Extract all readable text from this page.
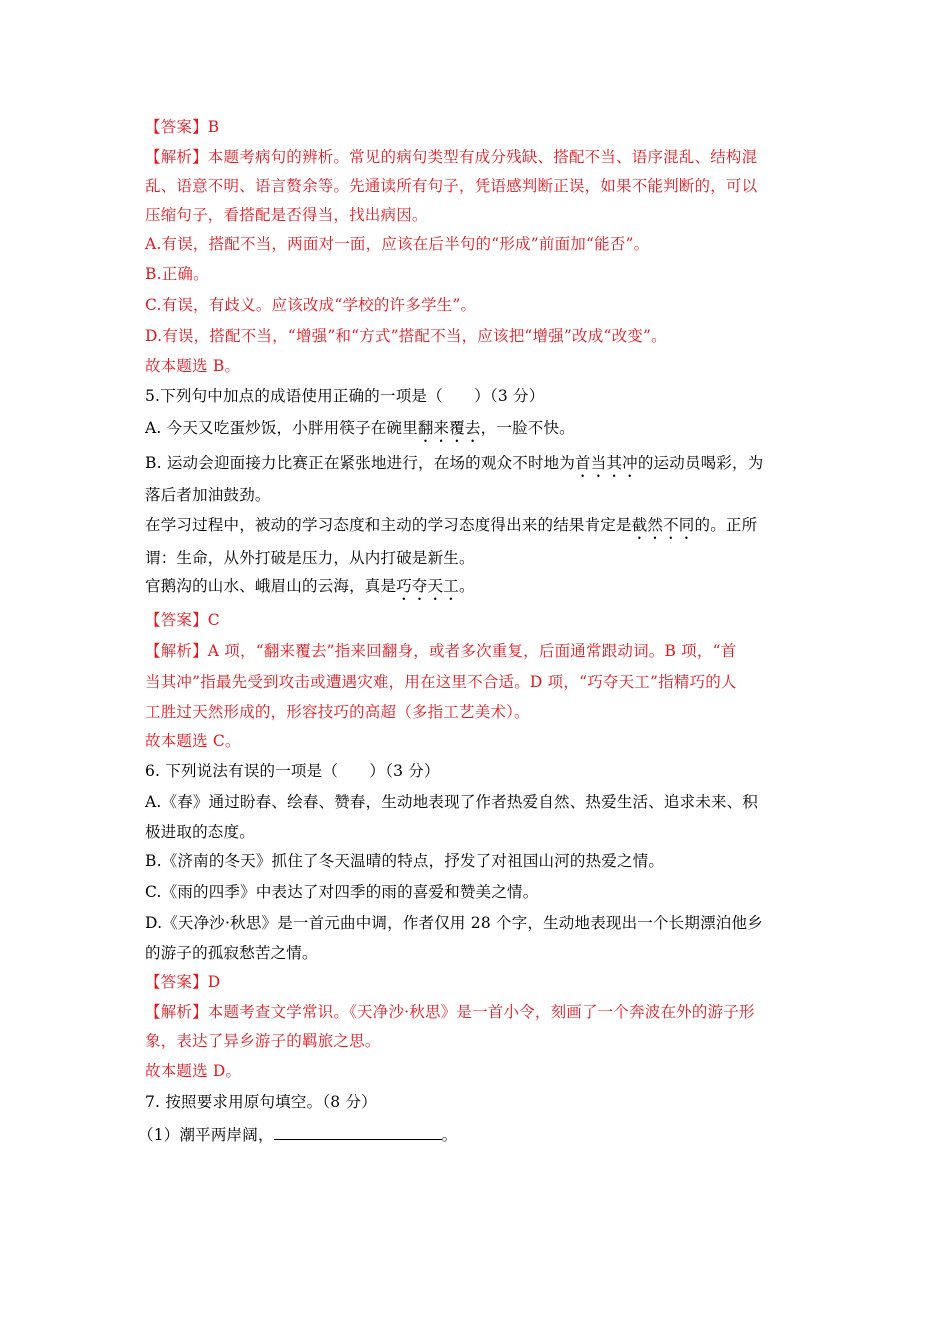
【答案】B
【解析】本题考病句的辨析。常见的病句类型有成分残缺、搭配不当、语序混乱、结构混
乱、语意不明、语言赘余等。先通读所有句子，凭语感判断正误，如果不能判断的，可以
压缩句子，看搭配是否得当，找出病因。
A.有误，搭配不当，两面对一面，应该在后半句的“形成”前面加“能否”。
B.正确。
C.有误，有歧义。应该改成“学校的许多学生”。
D.有误，搭配不当，“增强”和“方式”搭配不当，应该把“增强”改成“改变”。
故本题选 B。
5.下列句中加点的成语使用正确的一项是（　　）（3 分）
A. 今天又吃蛋炒饭，小胖用筷子在碗里翻来覆去，一脸不快。
B. 运动会迎面接力比赛正在紧张地进行，在场的观众不时地为首当其冲的运动员喝彩，为
落后者加油鼓劲。
在学习过程中，被动的学习态度和主动的学习态度得出来的结果肯定是截然不同的。正所
谓：生命，从外打破是压力，从内打破是新生。
官鹅沟的山水、峨眉山的云海，真是巧夺天工。
【答案】C
【解析】A 项，“翻来覆去”指来回翻身，或者多次重复，后面通常跟动词。B 项，“首
当其冲”指最先受到攻击或遭遇灾难，用在这里不合适。D 项，“巧夺天工”指精巧的人
工胜过天然形成的，形容技巧的高超（多指工艺美术）。
故本题选 C。
6. 下列说法有误的一项是（　　）（3 分）
A.《春》通过盼春、绘春、赞春，生动地表现了作者热爱自然、热爱生活、追求未来、积
极进取的态度。
B.《济南的冬天》抓住了冬天温晴的特点，抒发了对祖国山河的热爱之情。
C.《雨的四季》中表达了对四季的雨的喜爱和赞美之情。
D.《天净沙·秋思》是一首元曲中调，作者仅用 28 个字，生动地表现出一个长期漂泊他乡
的游子的孤寂愁苦之情。
【答案】D
【解析】本题考查文学常识。《天净沙·秋思》是一首小令，刻画了一个奔波在外的游子形
象，表达了异乡游子的羁旅之思。
故本题选 D。
7. 按照要求用原句填空。（8 分）
（1）潮平两岸阔，	。
